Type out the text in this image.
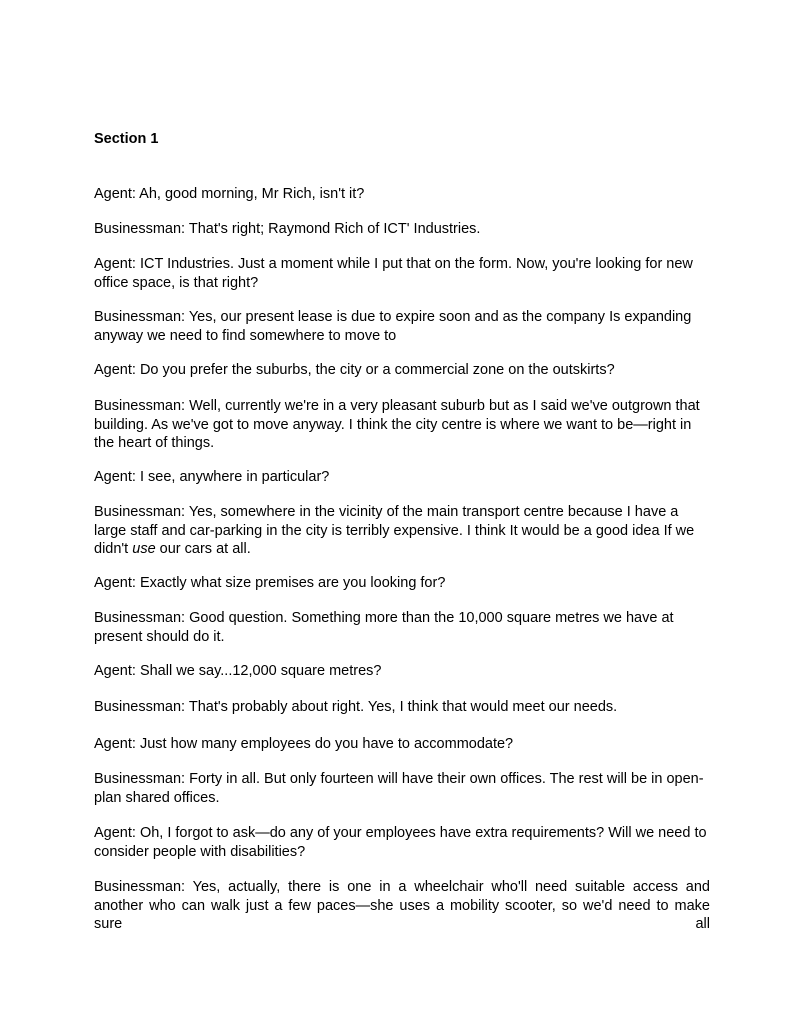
Section 1

Agent: Ah, good morning, Mr Rich, isn't it?

Businessman: That's right; Raymond Rich of ICT' Industries.

Agent: ICT Industries. Just a moment while I put that on the form. Now, you're looking for new office space, is that right?

Businessman: Yes, our present lease is due to expire soon and as the company Is expanding anyway we need to find somewhere to move to

Agent: Do you prefer the suburbs, the city or a commercial zone on the outskirts?

Businessman: Well, currently we're in a very pleasant suburb but as I said we've outgrown that building. As we've got to move anyway. I think the city centre is where we want to be—right in the heart of things.

Agent: I see, anywhere in particular?

Businessman: Yes, somewhere in the vicinity of the main transport centre because I have a large staff and car-parking in the city is terribly expensive. I think It would be a good idea If we didn't use our cars at all.

Agent: Exactly what size premises are you looking for?

Businessman: Good question. Something more than the 10,000 square metres we have at present should do it.

Agent: Shall we say...12,000 square metres?

Businessman: That's probably about right. Yes, I think that would meet our needs.

Agent: Just how many employees do you have to accommodate?

Businessman: Forty in all. But only fourteen will have their own offices. The rest will be in open-plan shared offices.

Agent: Oh, I forgot to ask—do any of your employees have extra requirements? Will we need to consider people with disabilities?

Businessman: Yes, actually, there is one in a wheelchair who'll need suitable access and another who can walk just a few paces—she uses a mobility scooter, so we'd need to make sure all
